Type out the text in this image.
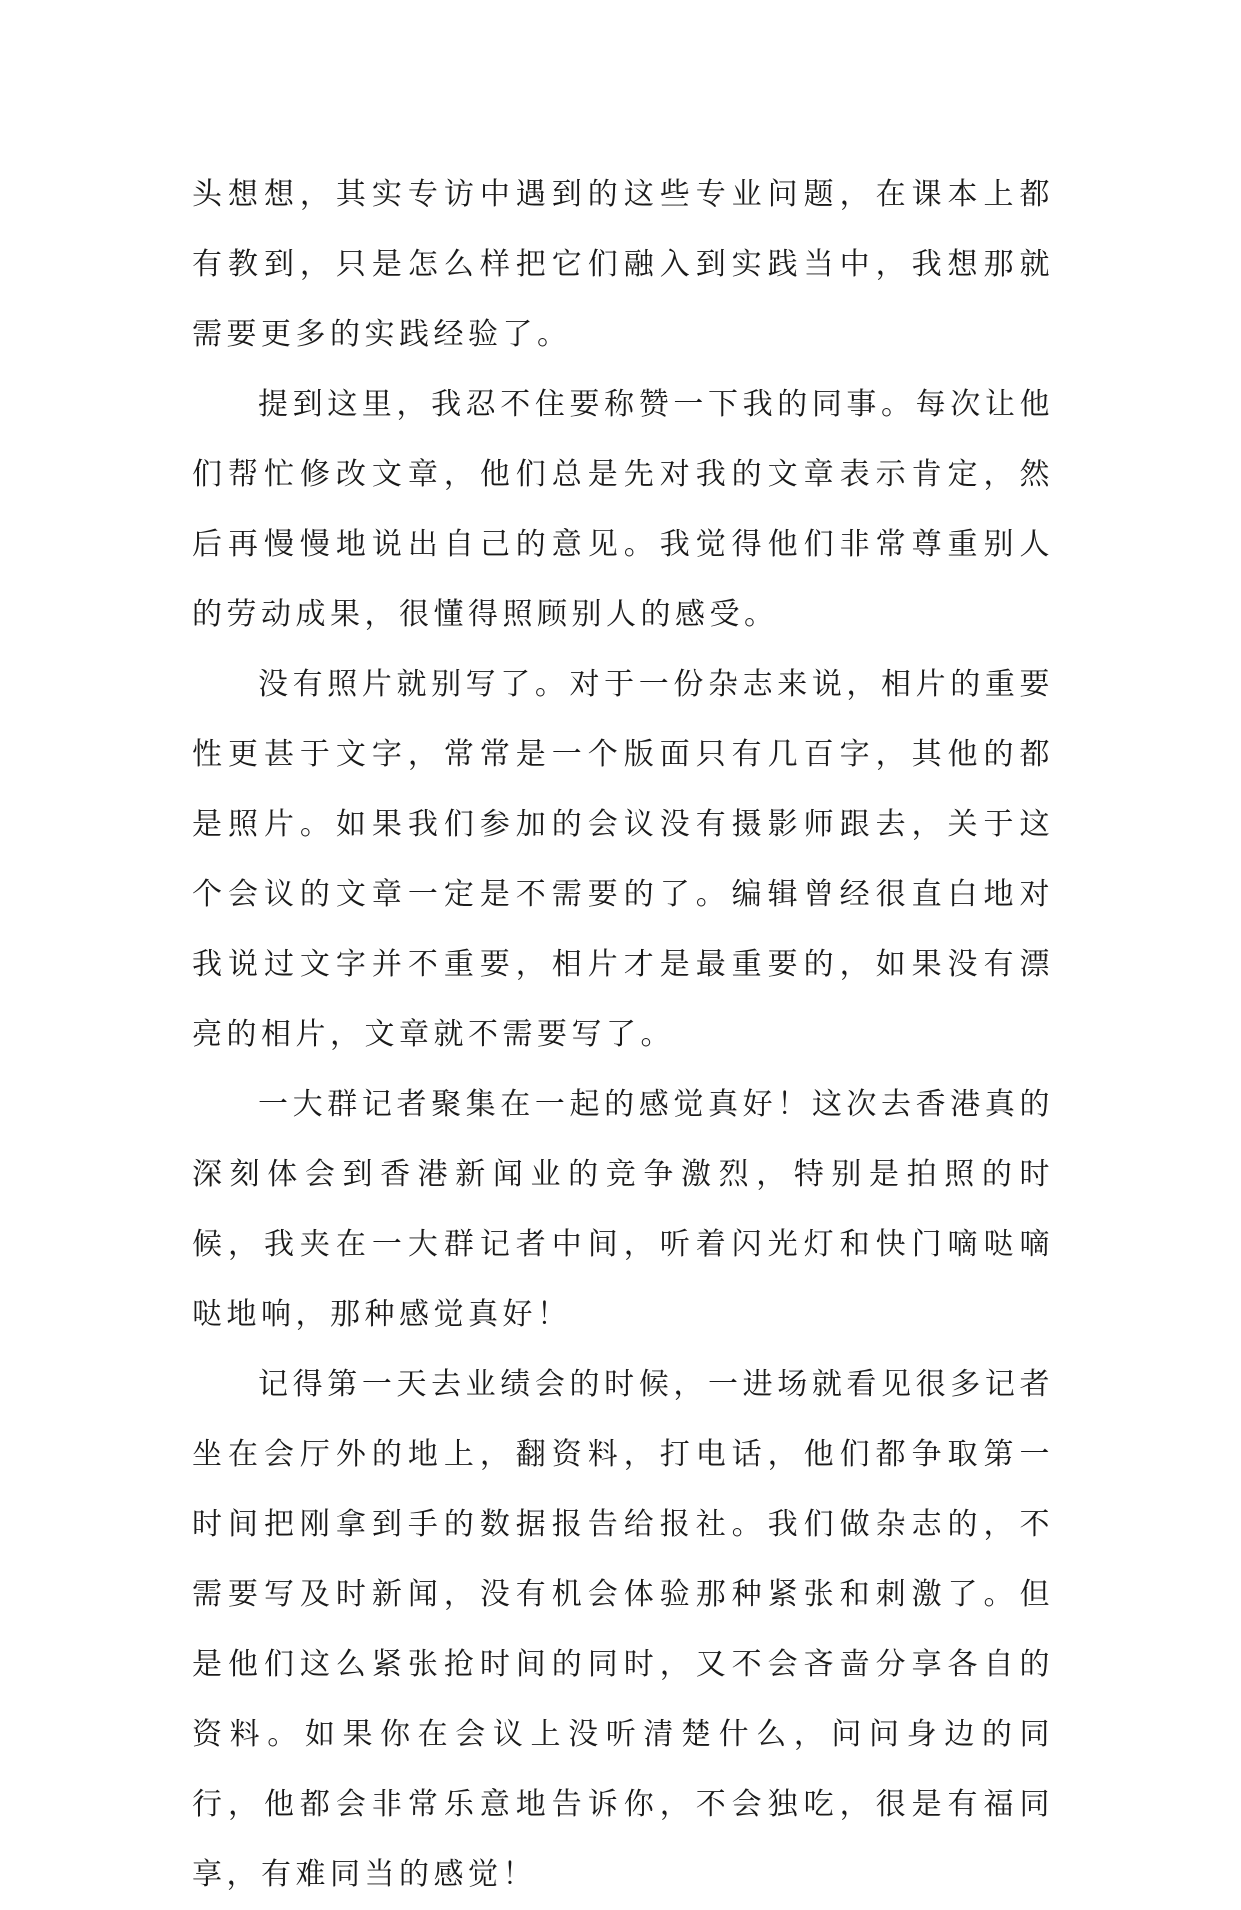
头想想，其实专访中遇到的这些专业问题，在课本上都有教到，只是怎么样把它们融入到实践当中，我想那就需要更多的实践经验了。

提到这里，我忍不住要称赞一下我的同事。每次让他们帮忙修改文章，他们总是先对我的文章表示肯定，然后再慢慢地说出自己的意见。我觉得他们非常尊重别人的劳动成果，很懂得照顾别人的感受。

没有照片就别写了。对于一份杂志来说，相片的重要性更甚于文字，常常是一个版面只有几百字，其他的都是照片。如果我们参加的会议没有摄影师跟去，关于这个会议的文章一定是不需要的了。编辑曾经很直白地对我说过文字并不重要，相片才是最重要的，如果没有漂亮的相片，文章就不需要写了。

一大群记者聚集在一起的感觉真好！这次去香港真的深刻体会到香港新闻业的竞争激烈，特别是拍照的时候，我夹在一大群记者中间，听着闪光灯和快门嘀哒嘀哒地响，那种感觉真好！

记得第一天去业绩会的时候，一进场就看见很多记者坐在会厅外的地上，翻资料，打电话，他们都争取第一时间把刚拿到手的数据报告给报社。我们做杂志的，不需要写及时新闻，没有机会体验那种紧张和刺激了。但是他们这么紧张抢时间的同时，又不会吝啬分享各自的资料。如果你在会议上没听清楚什么，问问身边的同行，他都会非常乐意地告诉你，不会独吃，很是有福同享，有难同当的感觉！
